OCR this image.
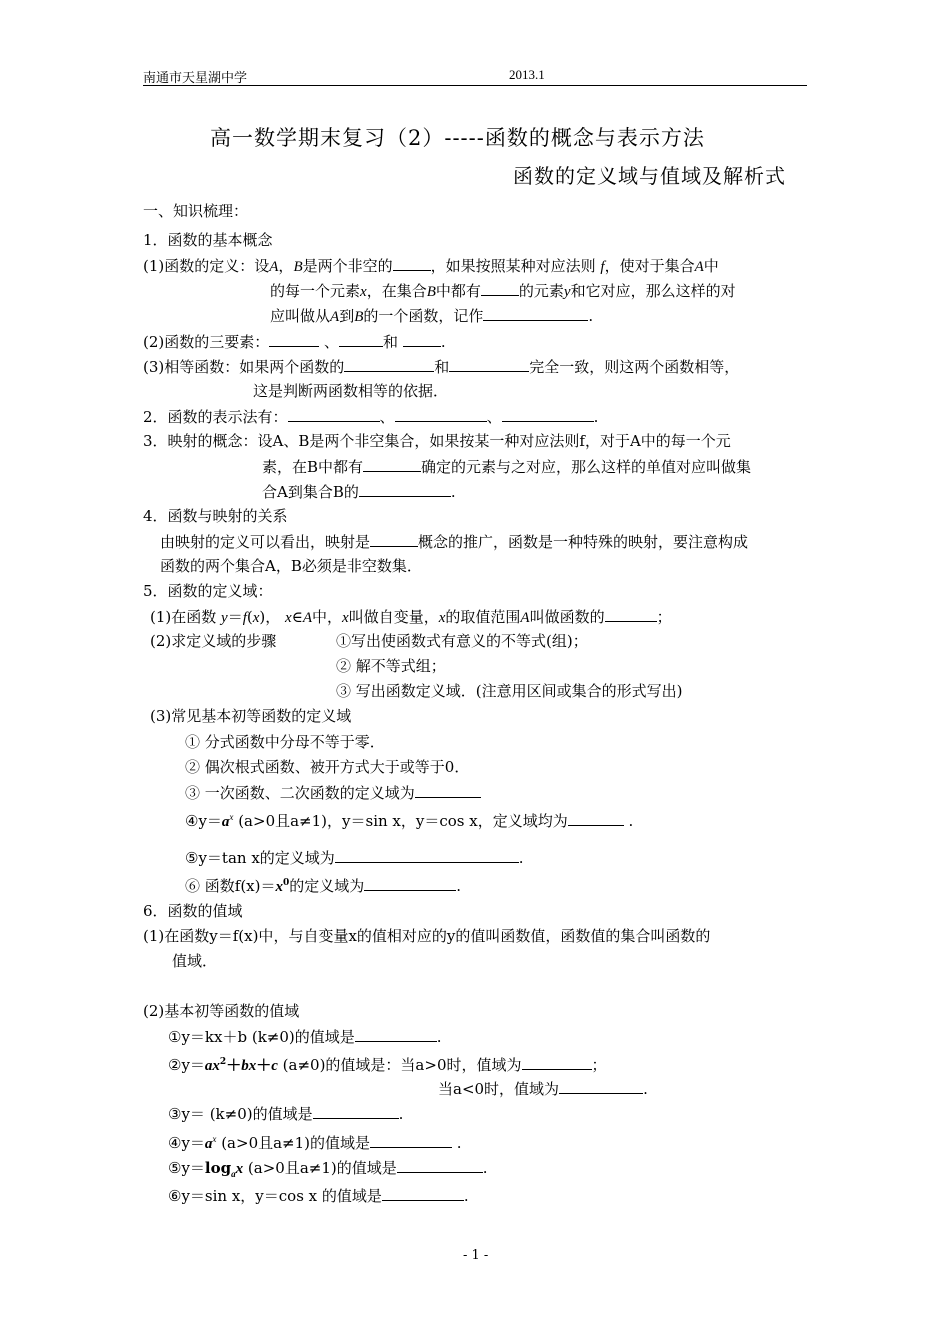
南通市天星湖中学	2013.1
高一数学期末复习（2）-----函数的概念与表示方法
函数的定义域与值域及解析式
一、知识梳理：
1．函数的基本概念
(1)函数的定义：设A，B是两个非空的	，如果按照某种对应法则 f，使对于集合A中
的每一个元素x，在集合B中都有	的元素y和它对应，那么这样的对
应叫做从A到B的一个函数，记作	.
(2)函数的三要素：	、	和	.
(3)相等函数：如果两个函数的	和	完全一致，则这两个函数相等，
这是判断两函数相等的依据．
2．函数的表示法有：	、	、	.
3．映射的概念：设A、B是两个非空集合，如果按某一种对应法则f，对于A中的每一个元
素，在B中都有	确定的元素与之对应，那么这样的单值对应叫做集
合A到集合B的	.
4．函数与映射的关系
由映射的定义可以看出，映射是	概念的推广，函数是一种特殊的映射，要注意构成
函数的两个集合A，B必须是非空数集．
5．函数的定义域：
(1)在函数 y＝f(x)， x∈A中，x叫做自变量，x的取值范围A叫做函数的	；
(2)求定义域的步骤	①写出使函数式有意义的不等式(组)；
② 解不等式组；
③ 写出函数定义域．(注意用区间或集合的形式写出)
(3)常见基本初等函数的定义域
① 分式函数中分母不等于零．
② 偶次根式函数、被开方式大于或等于0．
③ 一次函数、二次函数的定义域为
$④y=a^x$ (a>0且a≠1)，y＝sin x，y＝cos x，定义域均为	.
⑤y＝tan x的定义域为	.
⑥ 函数$f(x)=x^0$的定义域为	.
6．函数的值域
(1)在函数y＝f(x)中，与自变量x的值相对应的y的值叫函数值，函数值的集合叫函数的
值域．
(2)基本初等函数的值域
①y＝kx＋b (k≠0)的值域是	.
$②y=ax^2+bx+c$ (a≠0)的值域是：当a>0时，值域为	；
当a<0时，值域为	.
③y＝ (k≠0)的值域是	.
$④y=a^x$ (a>0且a≠1)的值域是	.
$⑤y=\log_ax$ (a>0且a≠1)的值域是	.
⑥y＝sin x，y＝cos x 的值域是	.
- 1 -
